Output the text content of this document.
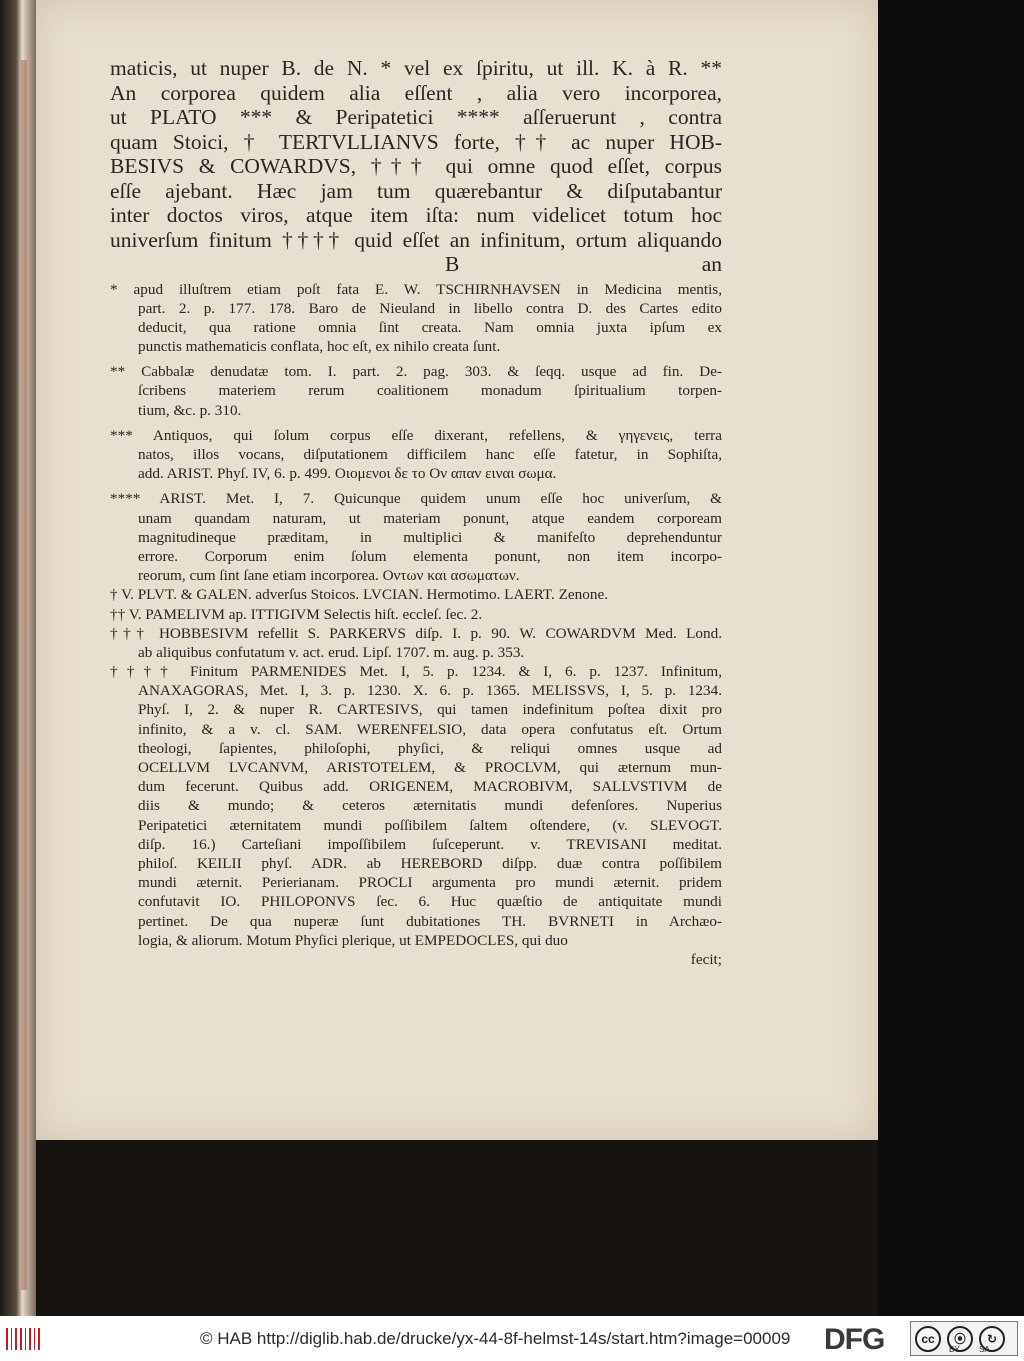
maticis, ut nuper B. de N. * vel ex ſpiritu, ut ill. K. à R. **
An corporea quidem alia eſſent , alia vero incorporea,
ut PLATO *** & Peripatetici **** aſſeruerunt , contra
quam Stoici, † TERTVLLIANVS forte, †† ac nuper HOB-
BESIVS & COWARDVS, ††† qui omne quod eſſet, corpus
eſſe ajebant. Hæc jam tum quærebantur & diſputabantur
inter doctos viros, atque item iſta: num videlicet totum hoc
univerſum finitum †††† quid eſſet an infinitum, ortum aliquando
B	an
* apud illuſtrem etiam poſt fata E. W. TSCHIRNHAVSEN in Medicina mentis,
part. 2. p. 177. 178. Baro de Nieuland in libello contra D. des Cartes edito
deducit, qua ratione omnia ſint creata. Nam omnia juxta ipſum ex
punctis mathematicis conflata, hoc eſt, ex nihilo creata ſunt.
** Cabbalæ denudatæ tom. I. part. 2. pag. 303. & ſeqq. usque ad fin. De-
ſcribens materiem rerum coalitionem monadum ſpiritualium torpen-
tium, &c. p. 310.
*** Antiquos, qui ſolum corpus eſſe dixerant, refellens, & γηγενεις, terra
natos, illos vocans, diſputationem difficilem hanc eſſe fatetur, in Sophiſta,
add. ARIST. Phyſ. IV, 6. p. 499. Οιομενοι δε το Ον απαν ειναι σωμα.
**** ARIST. Met. I, 7. Quicunque quidem unum eſſe hoc univerſum, &
unam quandam naturam, ut materiam ponunt, atque eandem corpoream
magnitudineque præditam, in multiplici & manifeſto deprehenduntur
errore. Corporum enim ſolum elementa ponunt, non item incorpo-
reorum, cum ſint ſane etiam incorporea. Οντων και ασωματων.
† V. PLVT. & GALEN. adverſus Stoicos. LVCIAN. Hermotimo. LAERT. Zenone.
†† V. PAMELIVM ap. ITTIGIVM Selectis hiſt. eccleſ. ſec. 2.
††† HOBBESIVM refellit S. PARKERVS diſp. I. p. 90. W. COWARDVM Med. Lond.
ab aliquibus confutatum v. act. erud. Lipſ. 1707. m. aug. p. 353.
†††† Finitum PARMENIDES Met. I, 5. p. 1234. & I, 6. p. 1237. Infinitum,
ANAXAGORAS, Met. I, 3. p. 1230. X. 6. p. 1365. MELISSVS, I, 5. p. 1234.
Phyſ. I, 2. & nuper R. CARTESIVS, qui tamen indefinitum poſtea dixit pro
infinito, & a v. cl. SAM. WERENFELSIO, data opera confutatus eſt. Ortum
theologi, ſapientes, philoſophi, phyſici, & reliqui omnes usque ad
OCELLVM LVCANVM, ARISTOTELEM, & PROCLVM, qui æternum mun-
dum fecerunt. Quibus add. ORIGENEM, MACROBIVM, SALLVSTIVM de
diis & mundo; & ceteros æternitatis mundi defenſores. Nuperius
Peripatetici æternitatem mundi poſſibilem ſaltem oſtendere, (v. SLEVOGT.
diſp. 16.) Carteſiani impoſſibilem ſuſceperunt. v. TREVISANI meditat.
philoſ. KEILII phyſ. ADR. ab HEREBORD diſpp. duæ contra poſſibilem
mundi æternit. Perierianam. PROCLI argumenta pro mundi æternit. pridem
confutavit IO. PHILOPONVS ſec. 6. Huc quæſtio de antiquitate mundi
pertinet. De qua nuperæ ſunt dubitationes TH. BVRNETI in Archæo-
logia, & aliorum. Motum Phyſici plerique, ut EMPEDOCLES, qui duo
fecit;
© HAB http://diglib.hab.de/drucke/yx-44-8f-helmst-14s/start.htm?image=00009 DFG	cc	⦿	↻
BY SA
